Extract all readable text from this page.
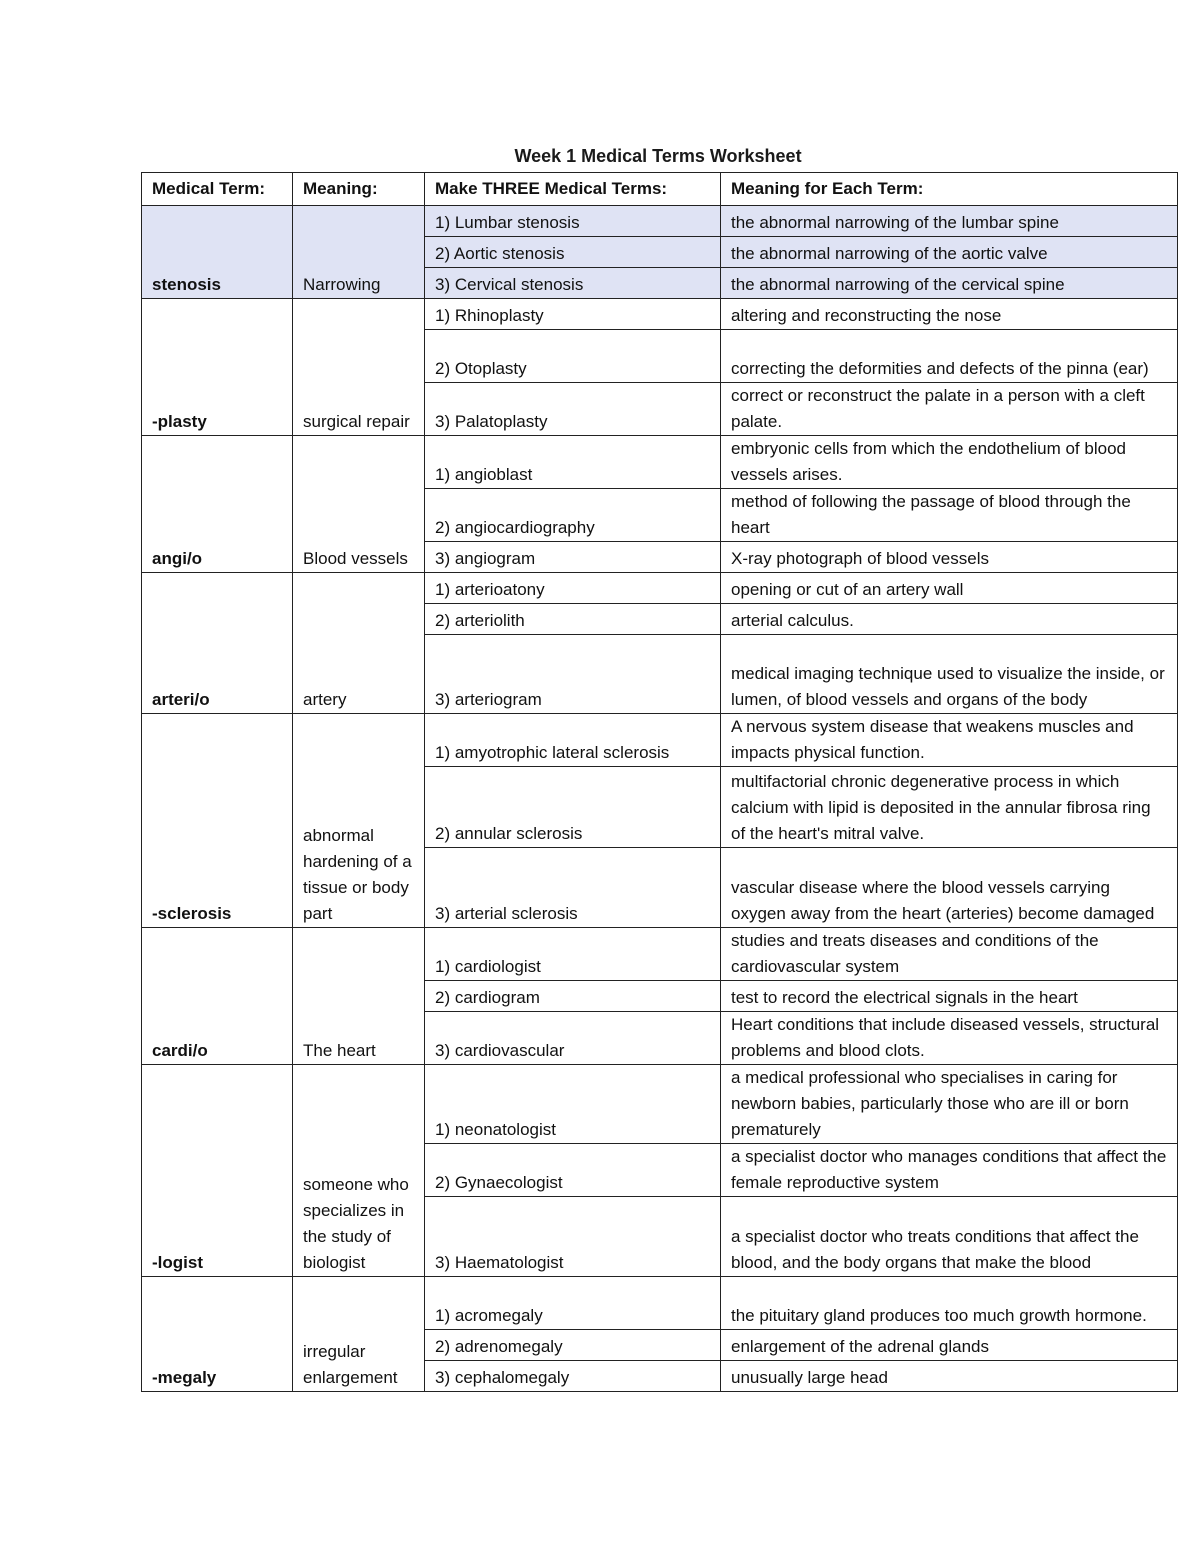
Week 1 Medical Terms Worksheet
Medical Term:	Meaning:	Make THREE Medical Terms:	Meaning for Each Term:
stenosis	Narrowing	1) Lumbar stenosis	the abnormal narrowing of the lumbar spine
		2) Aortic stenosis	the abnormal narrowing of the aortic valve
		3) Cervical stenosis	the abnormal narrowing of the cervical spine
-plasty	surgical repair	1) Rhinoplasty	altering and reconstructing the nose
		2) Otoplasty	correcting the deformities and defects of the pinna (ear)
		3) Palatoplasty	correct or reconstruct the palate in a person with a cleft palate.
angi/o	Blood vessels	1) angioblast	embryonic cells from which the endothelium of blood vessels arises.
		2) angiocardiography	method of following the passage of blood through the heart
		3) angiogram	X-ray photograph of blood vessels
arteri/o	artery	1) arterioatony	opening or cut of an artery wall
		2) arteriolith	arterial calculus.
		3) arteriogram	medical imaging technique used to visualize the inside, or lumen, of blood vessels and organs of the body
-sclerosis	abnormal hardening of a tissue or body part	1) amyotrophic lateral sclerosis	A nervous system disease that weakens muscles and impacts physical function.
		2) annular sclerosis	multifactorial chronic degenerative process in which calcium with lipid is deposited in the annular fibrosa ring of the heart's mitral valve.
		3) arterial sclerosis	vascular disease where the blood vessels carrying oxygen away from the heart (arteries) become damaged
cardi/o	The heart	1) cardiologist	studies and treats diseases and conditions of the cardiovascular system
		2) cardiogram	test to record the electrical signals in the heart
		3) cardiovascular	Heart conditions that include diseased vessels, structural problems and blood clots.
-logist	someone who specializes in the study of biologist	1) neonatologist	a medical professional who specialises in caring for newborn babies, particularly those who are ill or born prematurely
		2) Gynaecologist	a specialist doctor who manages conditions that affect the female reproductive system
		3) Haematologist	a specialist doctor who treats conditions that affect the blood, and the body organs that make the blood
-megaly	irregular enlargement	1) acromegaly	the pituitary gland produces too much growth hormone.
		2) adrenomegaly	enlargement of the adrenal glands
		3) cephalomegaly	unusually large head
